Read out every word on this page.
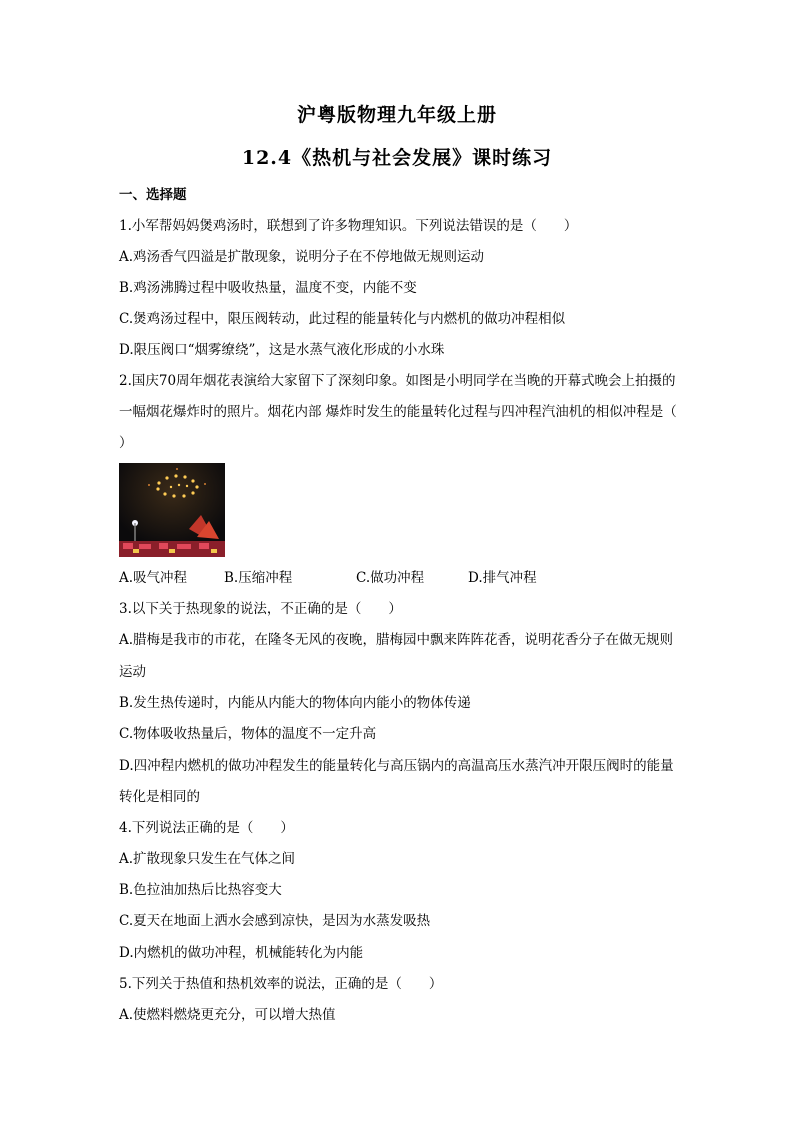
沪粤版物理九年级上册
12.4《热机与社会发展》课时练习
一、选择题
1.小军帮妈妈煲鸡汤时，联想到了许多物理知识。下列说法错误的是（　　）
A.鸡汤香气四溢是扩散现象，说明分子在不停地做无规则运动
B.鸡汤沸腾过程中吸收热量，温度不变，内能不变
C.煲鸡汤过程中，限压阀转动，此过程的能量转化与内燃机的做功冲程相似
D.限压阀口“烟雾缭绕”，这是水蒸气液化形成的小水珠
2.国庆70周年烟花表演给大家留下了深刻印象。如图是小明同学在当晚的开幕式晚会上拍摄的
一幅烟花爆炸时的照片。烟花内部 爆炸时发生的能量转化过程与四冲程汽油机的相似冲程是（
）
A.吸气冲程	B.压缩冲程	C.做功冲程	D.排气冲程
3.以下关于热现象的说法，不正确的是（　　）
A.腊梅是我市的市花，在隆冬无风的夜晚，腊梅园中飘来阵阵花香，说明花香分子在做无规则
运动
B.发生热传递时，内能从内能大的物体向内能小的物体传递
C.物体吸收热量后，物体的温度不一定升高
D.四冲程内燃机的做功冲程发生的能量转化与高压锅内的高温高压水蒸汽冲开限压阀时的能量
转化是相同的
4.下列说法正确的是（　　）
A.扩散现象只发生在气体之间
B.色拉油加热后比热容变大
C.夏天在地面上洒水会感到凉快，是因为水蒸发吸热
D.内燃机的做功冲程，机械能转化为内能
5.下列关于热值和热机效率的说法，正确的是（　　）
A.使燃料燃烧更充分，可以增大热值
